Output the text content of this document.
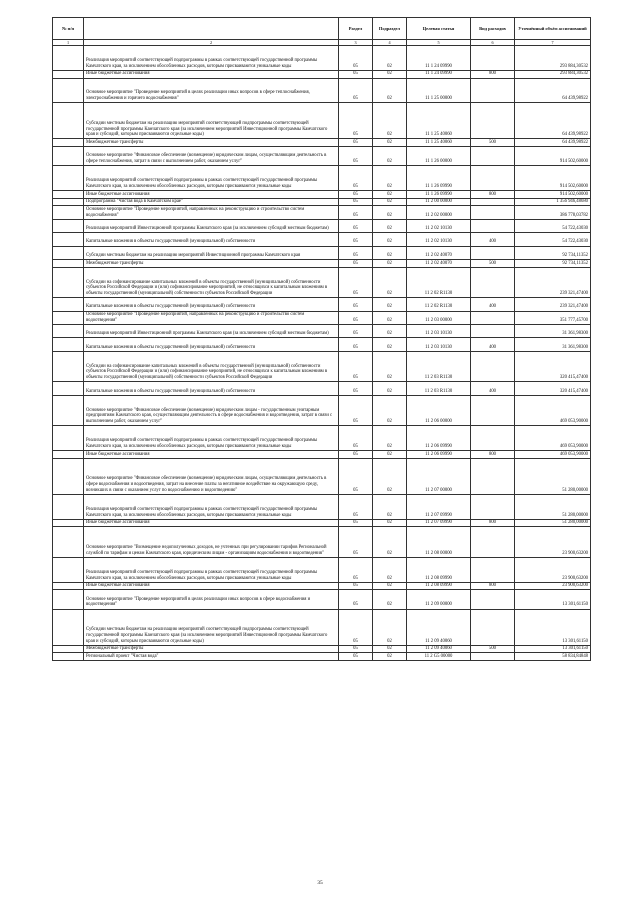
№ п/п		Раздел	Подраздел	Целевая статья	Вид расходов	Уточнённый объём ассигнований
1	2	3	4	5	6	7
	Реализация мероприятий соответствующей подпрограммы в рамках соответствующей государственной программы Камчатского края, за исключением обособленных расходов, которым присваиваются уникальные коды	05	02	11 1 24 09990		293 884,30532
	Иные бюджетные ассигнования	05	02	11 1 24 09990	800	293 884,30532
	Основное мероприятие "Проведение мероприятий в целях реализации иных вопросов в сфере теплоснабжения, электроснабжения и горячего водоснабжения"	05	02	11 1 25 00000		64 439,98922
	Субсидии местным бюджетам на реализацию мероприятий соответствующей подпрограммы соответствующей государственной программы Камчатского края (за исключением мероприятий Инвестиционной программы Камчатского края и субсидий, которым присваиваются отдельные коды)	05	02	11 1 25 40060		64 439,98922
	Межбюджетные трансферты	05	02	11 1 25 40060	500	64 439,98922
	Основное мероприятие "Финансовое обеспечение (возмещение) юридическим лицам, осуществляющим деятельность в сфере теплоснабжения, затрат в связи с выполнением работ, оказанием услуг"	05	02	11 1 26 00000		914 502,60000
	Реализация мероприятий соответствующей подпрограммы в рамках соответствующей государственной программы Камчатского края, за исключением обособленных расходов, которым присваиваются уникальные коды	05	02	11 1 26 09990		914 502,60000
	Иные бюджетные ассигнования	05	02	11 1 26 09990	800	914 502,60000
	Подпрограмма "Чистая вода в Камчатском крае"	05	02	11 2 00 00000		1 356 946,48680
	Основное мероприятие "Проведение мероприятий, направленных на реконструкцию и строительство систем водоснабжения"	05	02	11 2 02 00000		386 778,03782
	Реализация мероприятий Инвестиционной программы Камчатского края (за исключением субсидий местным бюджетам)	05	02	11 2 02 10130		54 722,43030
	Капитальные вложения в объекты государственной (муниципальной) собственности	05	02	11 2 02 10130	400	54 722,43030
	Субсидии местным бюджетам на реализацию мероприятий Инвестиционной программы Камчатского края	05	02	11 2 02 40070		92 734,11352
	Межбюджетные трансферты	05	02	11 2 02 40070	500	92 734,11352
	Субсидии на софинансирование капитальных вложений в объекты государственной (муниципальной) собственности субъектов Российской Федерации и (или) софинансирование мероприятий, не относящихся к капитальным вложениям в объекты государственной (муниципальной) собственности субъектов Российской Федерации	05	02	11 2 02 R1130		239 321,47400
	Капитальные вложения в объекты государственной (муниципальной) собственности	05	02	11 2 02 R1130	400	239 321,47400
	Основное мероприятие "Проведение мероприятий, направленных на реконструкцию и строительство систем водоотведения"	05	02	11 2 03 00000		351 777,45700
	Реализация мероприятий Инвестиционной программы Камчатского края (за исключением субсидий местным бюджетам)	05	02	11 2 03 10130		31 361,98300
	Капитальные вложения в объекты государственной (муниципальной) собственности	05	02	11 2 03 10130	400	31 361,98300
	Субсидии на софинансирование капитальных вложений в объекты государственной (муниципальной) собственности субъектов Российской Федерации и (или) софинансирование мероприятий, не относящихся к капитальным вложениям в объекты государственной (муниципальной) собственности субъектов Российской Федерации	05	02	11 2 03 R1130		320 415,47400
	Капитальные вложения в объекты государственной (муниципальной) собственности	05	02	11 2 03 R1130	400	320 415,47400
	Основное мероприятие "Финансовое обеспечение (возмещение) юридическим лицам - государственным унитарным предприятиям Камчатского края, осуществляющим деятельность в сфере водоснабжения и водоотведения, затрат в связи с выполнением работ, оказанием услуг"	05	02	11 2 06 00000		469 053,90000
	Реализация мероприятий соответствующей подпрограммы в рамках соответствующей государственной программы Камчатского края, за исключением обособленных расходов, которым присваиваются уникальные коды	05	02	11 2 06 09990		469 053,90000
	Иные бюджетные ассигнования	05	02	11 2 06 09990	800	469 053,90000
	Основное мероприятие "Финансовое обеспечение (возмещение) юридическим лицам, осуществляющим деятельность в сфере водоснабжения и водоотведения, затрат на внесение платы за негативное воздействие на окружающую среду, возникших в связи с оказанием услуг по водоснабжению и водоотведению"	05	02	11 2 07 00000		51 280,00000
	Реализация мероприятий соответствующей подпрограммы в рамках соответствующей государственной программы Камчатского края, за исключением обособленных расходов, которым присваиваются уникальные коды	05	02	11 2 07 09990		51 280,00000
	Иные бюджетные ассигнования	05	02	11 2 07 09990	800	51 280,00000
	Основное мероприятие "Возмещение недополученных доходов, не учтенных при регулировании тарифов Региональной службой по тарифам и ценам Камчатского края, юридическим лицам - организациям водоснабжения и водоотведения"	05	02	11 2 08 00000		23 900,63200
	Реализация мероприятий соответствующей подпрограммы в рамках соответствующей государственной программы Камчатского края, за исключением обособленных расходов, которым присваиваются уникальные коды	05	02	11 2 08 09990		23 900,63200
	Иные бюджетные ассигнования	05	02	11 2 08 09990	800	23 900,63200
	Основное мероприятие "Проведение мероприятий в целях реализации иных вопросов в сфере водоснабжения и водоотведения"	05	02	11 2 09 00000		13 301,61150
	Субсидии местным бюджетам на реализацию мероприятий соответствующей подпрограммы соответствующей государственной программы Камчатского края (за исключением мероприятий Инвестиционной программы Камчатского края и субсидий, которым присваиваются отдельные коды)	05	02	11 2 09 40060		13 301,61150
	Межбюджетные трансферты	05	02	11 2 09 40060	500	13 301,61150
	Региональный проект "Чистая вода"	05	02	11 2 G5 00000		58 834,84848
35
